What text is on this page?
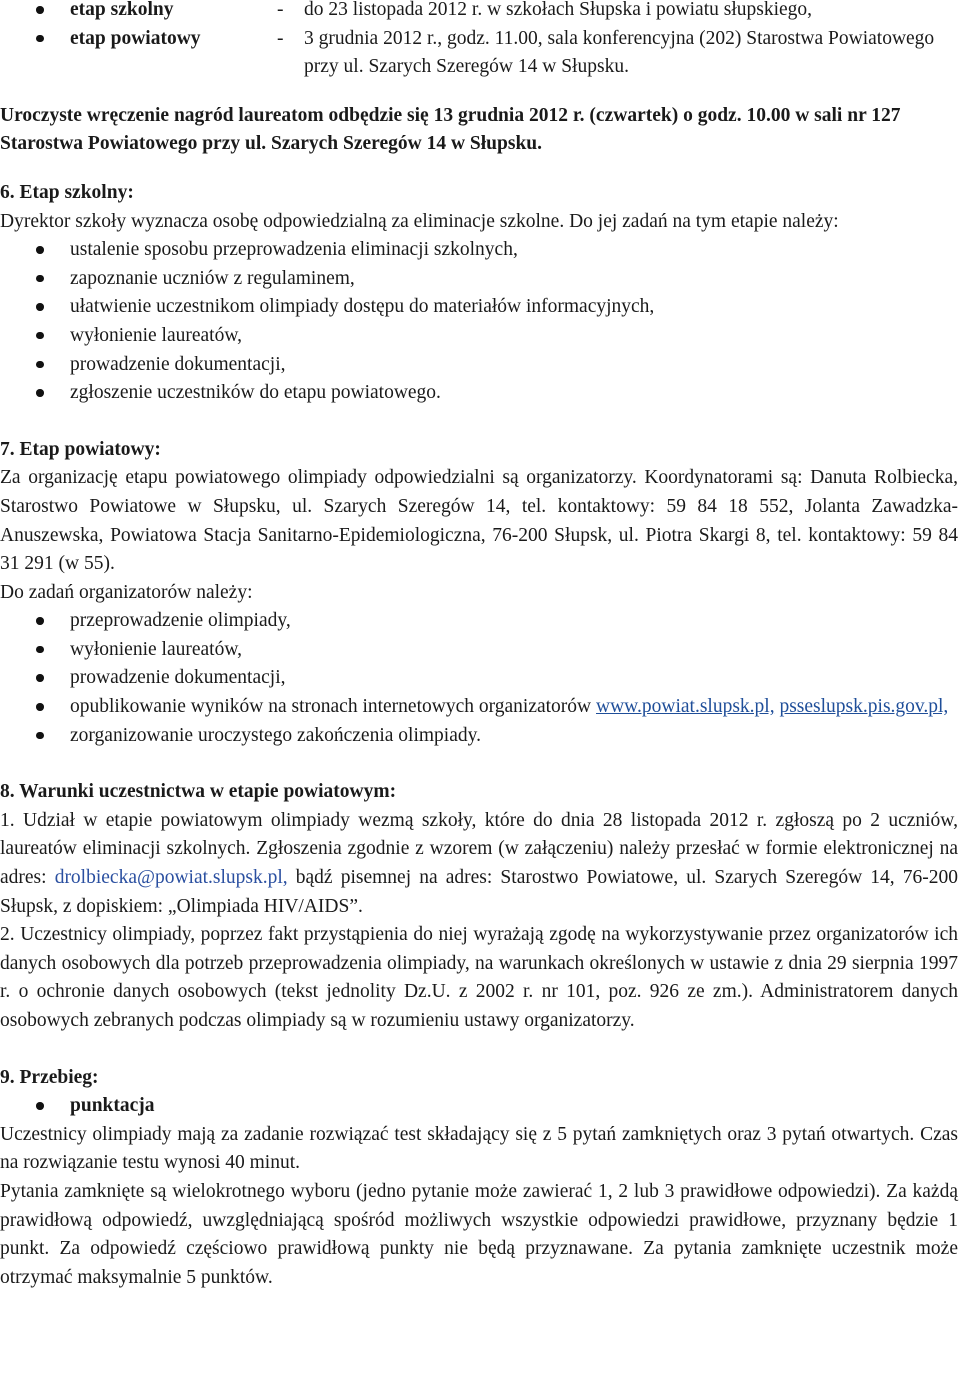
etap szkolny	-	do 23 listopada 2012 r. w szkołach Słupska i powiatu słupskiego,
etap powiatowy	-	3 grudnia 2012 r., godz. 11.00, sala konferencyjna (202) Starostwa Powiatowego przy ul. Szarych Szeregów 14 w Słupsku.

Uroczyste wręczenie nagród laureatom odbędzie się 13 grudnia 2012 r. (czwartek) o godz. 10.00 w sali nr 127 Starostwa Powiatowego przy ul. Szarych Szeregów 14 w Słupsku.

6. Etap szkolny:

Dyrektor szkoły wyznacza osobę odpowiedzialną za eliminacje szkolne. Do jej zadań na tym etapie należy:

ustalenie sposobu przeprowadzenia eliminacji szkolnych,
zapoznanie uczniów z regulaminem,
ułatwienie uczestnikom olimpiady dostępu do materiałów informacyjnych,
wyłonienie laureatów,
prowadzenie dokumentacji,
zgłoszenie uczestników do etapu powiatowego.

7. Etap powiatowy:

Za organizację etapu powiatowego olimpiady odpowiedzialni są organizatorzy. Koordynatorami są: Danuta Rolbiecka, Starostwo Powiatowe w Słupsku, ul. Szarych Szeregów 14, tel. kontaktowy: 59 84 18 552, Jolanta Zawadzka-Anuszewska, Powiatowa Stacja Sanitarno-Epidemiologiczna, 76-200 Słupsk, ul. Piotra Skargi 8, tel. kontaktowy: 59 84 31 291 (w 55).

Do zadań organizatorów należy:

przeprowadzenie olimpiady,
wyłonienie laureatów,
prowadzenie dokumentacji,
opublikowanie wyników na stronach internetowych organizatorów www.powiat.slupsk.pl, psseslupsk.pis.gov.pl,
zorganizowanie uroczystego zakończenia olimpiady.

8. Warunki uczestnictwa w etapie powiatowym:

1. Udział w etapie powiatowym olimpiady wezmą szkoły, które do dnia 28 listopada 2012 r. zgłoszą po 2 uczniów, laureatów eliminacji szkolnych. Zgłoszenia zgodnie z wzorem (w załączeniu) należy przesłać w formie elektronicznej na adres: drolbiecka@powiat.slupsk.pl, bądź pisemnej na adres: Starostwo Powiatowe, ul. Szarych Szeregów 14, 76-200 Słupsk, z dopiskiem: „Olimpiada HIV/AIDS”.

2. Uczestnicy olimpiady, poprzez fakt przystąpienia do niej wyrażają zgodę na wykorzystywanie przez organizatorów ich danych osobowych dla potrzeb przeprowadzenia olimpiady, na warunkach określonych w ustawie z dnia 29 sierpnia 1997 r. o ochronie danych osobowych (tekst jednolity Dz.U. z 2002 r. nr 101, poz. 926 ze zm.). Administratorem danych osobowych zebranych podczas olimpiady są w rozumieniu ustawy organizatorzy.

9. Przebieg:

punktacja

Uczestnicy olimpiady mają za zadanie rozwiązać test składający się z 5 pytań zamkniętych oraz 3 pytań otwartych. Czas na rozwiązanie testu wynosi 40 minut.

Pytania zamknięte są wielokrotnego wyboru (jedno pytanie może zawierać 1, 2 lub 3 prawidłowe odpowiedzi). Za każdą prawidłową odpowiedź, uwzględniającą spośród możliwych wszystkie odpowiedzi prawidłowe, przyznany będzie 1 punkt. Za odpowiedź częściowo prawidłową punkty nie będą przyznawane. Za pytania zamknięte uczestnik może otrzymać maksymalnie 5 punktów.
